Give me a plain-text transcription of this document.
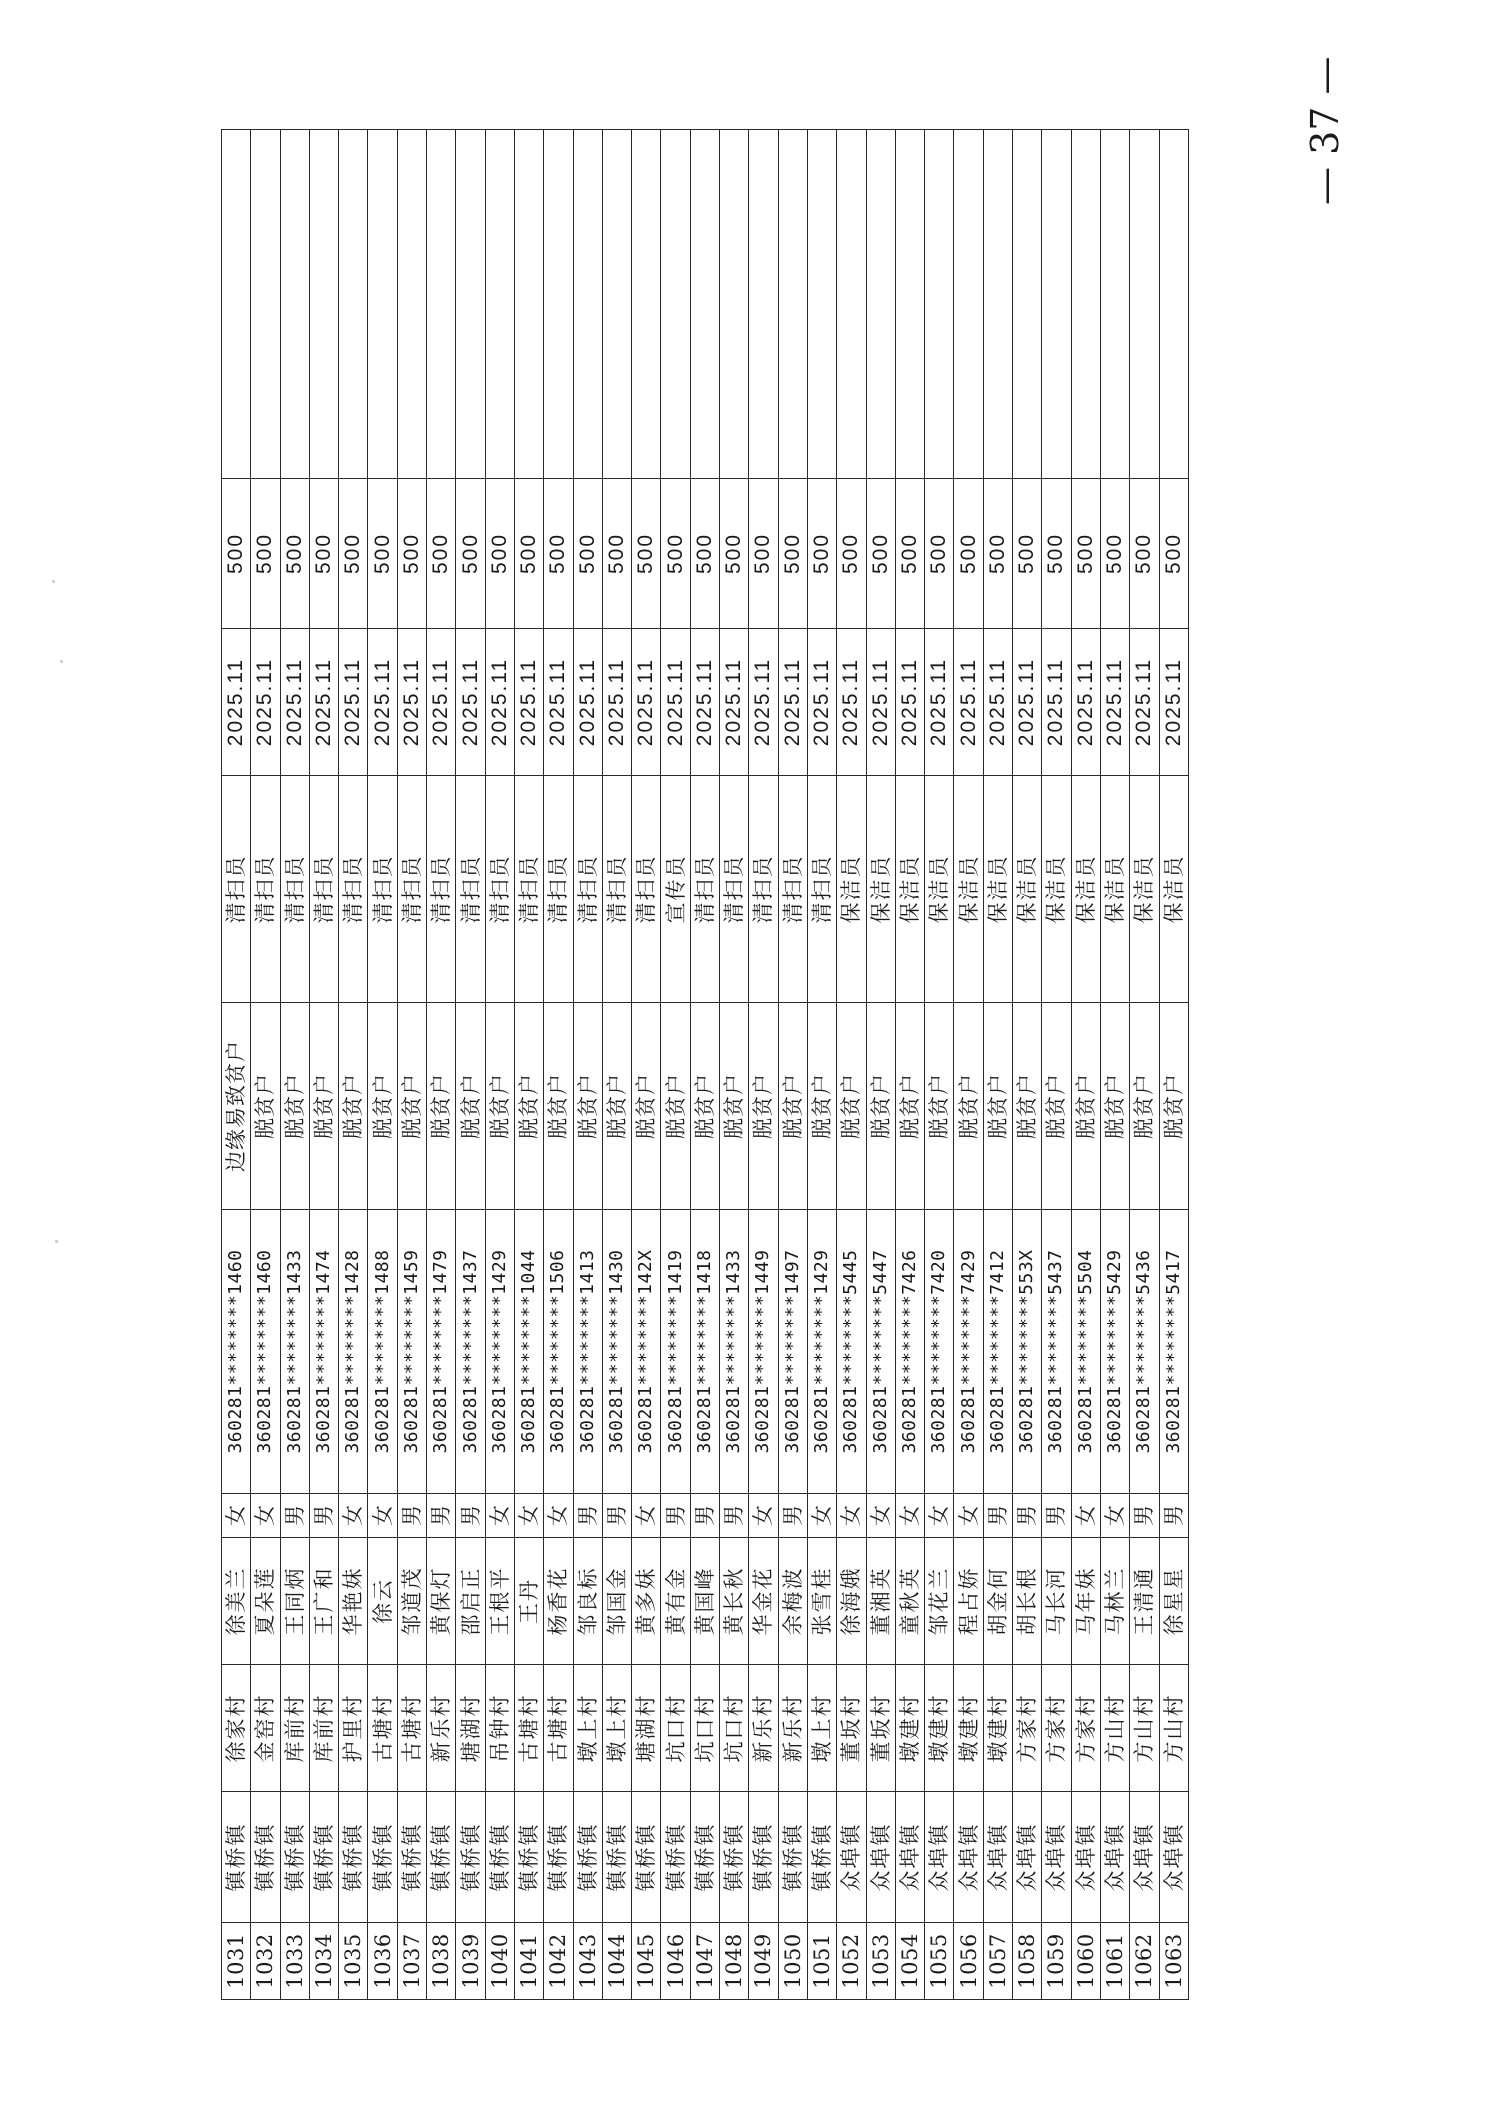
1031	镇桥镇	徐家村	徐美兰	女	360281********1460	边缘易致贫户	清扫员	2025.11	500	
1032	镇桥镇	金窑村	夏朵莲	女	360281********1460	脱贫户	清扫员	2025.11	500	
1033	镇桥镇	库前村	王同炳	男	360281********1433	脱贫户	清扫员	2025.11	500	
1034	镇桥镇	库前村	王广和	男	360281********1474	脱贫户	清扫员	2025.11	500	
1035	镇桥镇	护里村	华艳妹	女	360281********1428	脱贫户	清扫员	2025.11	500	
1036	镇桥镇	古塘村	徐云	女	360281********1488	脱贫户	清扫员	2025.11	500	
1037	镇桥镇	古塘村	邹道茂	男	360281********1459	脱贫户	清扫员	2025.11	500	
1038	镇桥镇	新乐村	黄保灯	男	360281********1479	脱贫户	清扫员	2025.11	500	
1039	镇桥镇	塘湖村	邵启正	男	360281********1437	脱贫户	清扫员	2025.11	500	
1040	镇桥镇	吊钟村	王根平	女	360281********1429	脱贫户	清扫员	2025.11	500	
1041	镇桥镇	古塘村	王丹	女	360281********1044	脱贫户	清扫员	2025.11	500	
1042	镇桥镇	古塘村	杨香花	女	360281********1506	脱贫户	清扫员	2025.11	500	
1043	镇桥镇	墩上村	邹良标	男	360281********1413	脱贫户	清扫员	2025.11	500	
1044	镇桥镇	墩上村	邹国金	男	360281********1430	脱贫户	清扫员	2025.11	500	
1045	镇桥镇	塘湖村	黄多妹	女	360281********142X	脱贫户	清扫员	2025.11	500	
1046	镇桥镇	坑口村	黄有金	男	360281********1419	脱贫户	宣传员	2025.11	500	
1047	镇桥镇	坑口村	黄国峰	男	360281********1418	脱贫户	清扫员	2025.11	500	
1048	镇桥镇	坑口村	黄长秋	男	360281********1433	脱贫户	清扫员	2025.11	500	
1049	镇桥镇	新乐村	华金花	女	360281********1449	脱贫户	清扫员	2025.11	500	
1050	镇桥镇	新乐村	余梅波	男	360281********1497	脱贫户	清扫员	2025.11	500	
1051	镇桥镇	墩上村	张雪桂	女	360281********1429	脱贫户	清扫员	2025.11	500	
1052	众埠镇	董坂村	徐海娥	女	360281********5445	脱贫户	保洁员	2025.11	500	
1053	众埠镇	董坂村	董湘英	女	360281********5447	脱贫户	保洁员	2025.11	500	
1054	众埠镇	墩建村	童秋英	女	360281********7426	脱贫户	保洁员	2025.11	500	
1055	众埠镇	墩建村	邹花兰	女	360281********7420	脱贫户	保洁员	2025.11	500	
1056	众埠镇	墩建村	程占娇	女	360281********7429	脱贫户	保洁员	2025.11	500	
1057	众埠镇	墩建村	胡金何	男	360281********7412	脱贫户	保洁员	2025.11	500	
1058	众埠镇	方家村	胡长根	男	360281********553X	脱贫户	保洁员	2025.11	500	
1059	众埠镇	方家村	马长河	男	360281********5437	脱贫户	保洁员	2025.11	500	
1060	众埠镇	方家村	马年妹	女	360281********5504	脱贫户	保洁员	2025.11	500	
1061	众埠镇	方山村	马林兰	女	360281********5429	脱贫户	保洁员	2025.11	500	
1062	众埠镇	方山村	王清通	男	360281********5436	脱贫户	保洁员	2025.11	500	
1063	众埠镇	方山村	徐星星	男	360281********5417	脱贫户	保洁员	2025.11	500	
— 37 —
